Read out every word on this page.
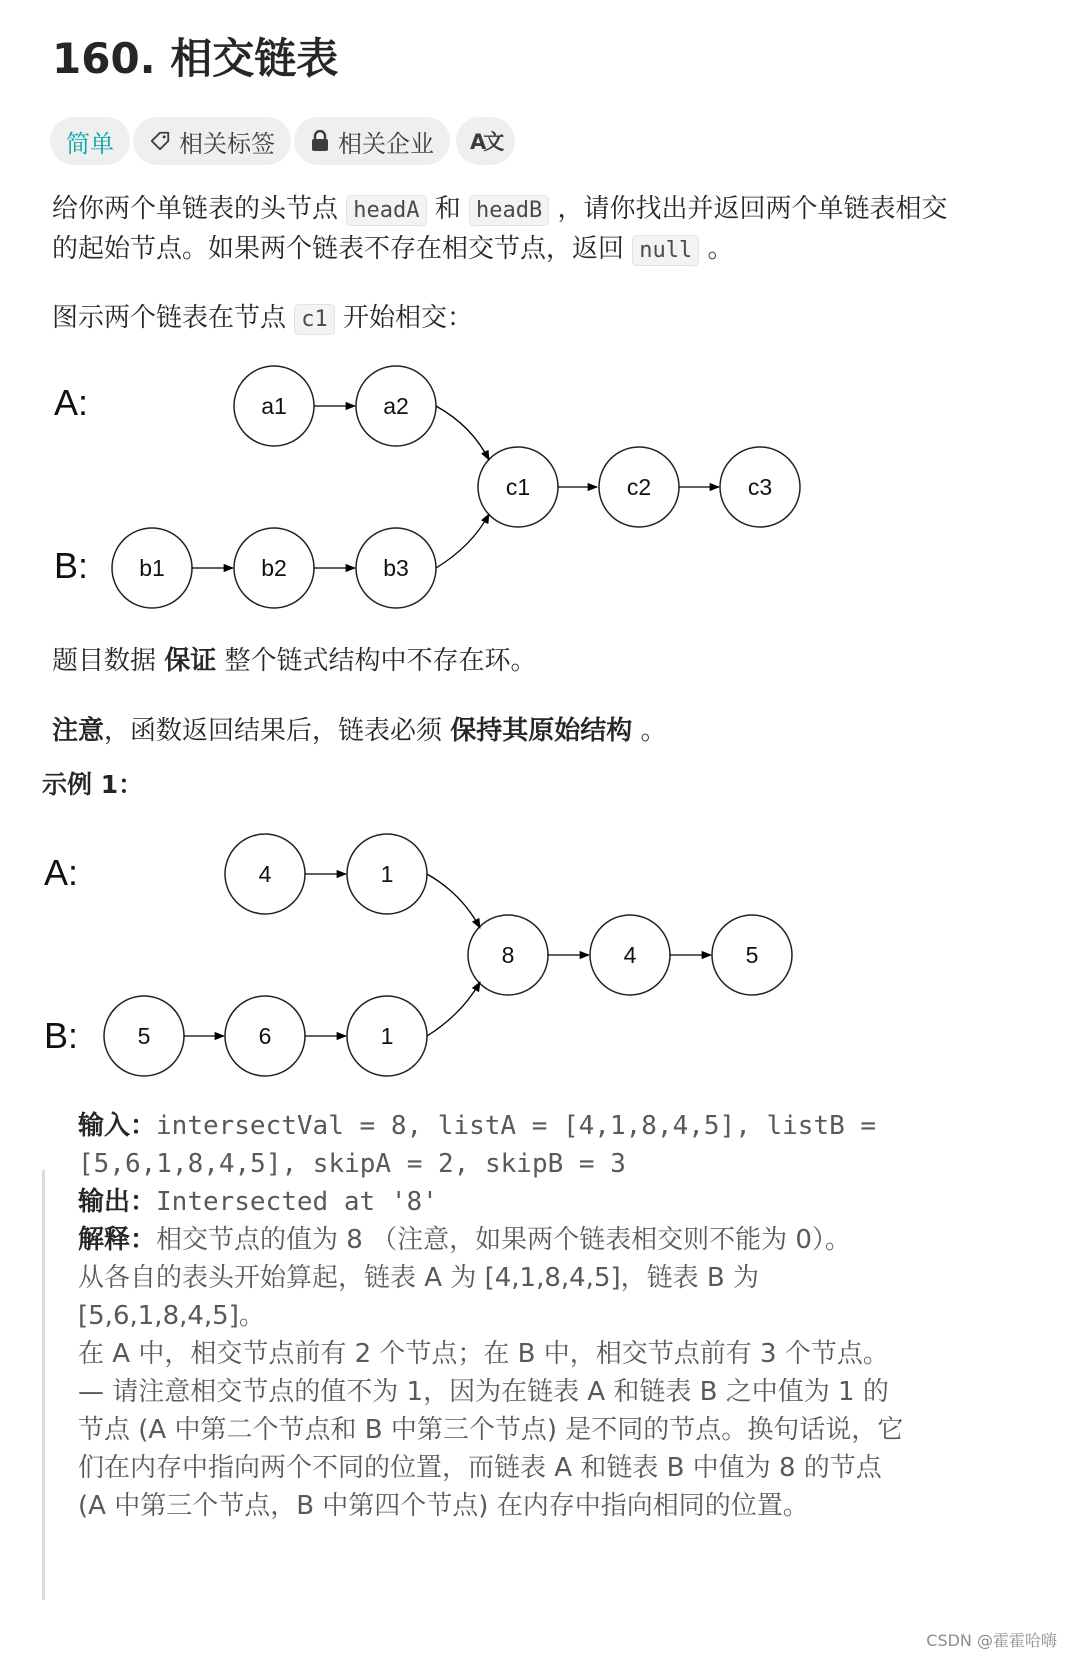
160. 相交链表
简单	相关标签	相关企业 A文
给你两个单链表的头节点 headA 和 headB ，请你找出并返回两个单链表相交
的起始节点。如果两个链表不存在相交节点，返回 null 。
图示两个链表在节点 c1 开始相交：
A:
B:
a1	a2
c1	c2	c3
b1	b2	b3
题目数据 保证 整个链式结构中不存在环。
注意，函数返回结果后，链表必须 保持其原始结构 。
示例 1：
A:
B:
4	1
8	4	5
5	6	1
输入：intersectVal = 8, listA = [4,1,8,4,5], listB =
[5,6,1,8,4,5], skipA = 2, skipB = 3
输出：Intersected at '8'
解释：相交节点的值为 8 （注意，如果两个链表相交则不能为 0）。
从各自的表头开始算起，链表 A 为 [4,1,8,4,5]，链表 B 为
[5,6,1,8,4,5]。
在 A 中，相交节点前有 2 个节点；在 B 中，相交节点前有 3 个节点。
— 请注意相交节点的值不为 1，因为在链表 A 和链表 B 之中值为 1 的
节点 (A 中第二个节点和 B 中第三个节点) 是不同的节点。换句话说，它
们在内存中指向两个不同的位置，而链表 A 和链表 B 中值为 8 的节点
(A 中第三个节点，B 中第四个节点) 在内存中指向相同的位置。
CSDN @霍霍哈嗨
